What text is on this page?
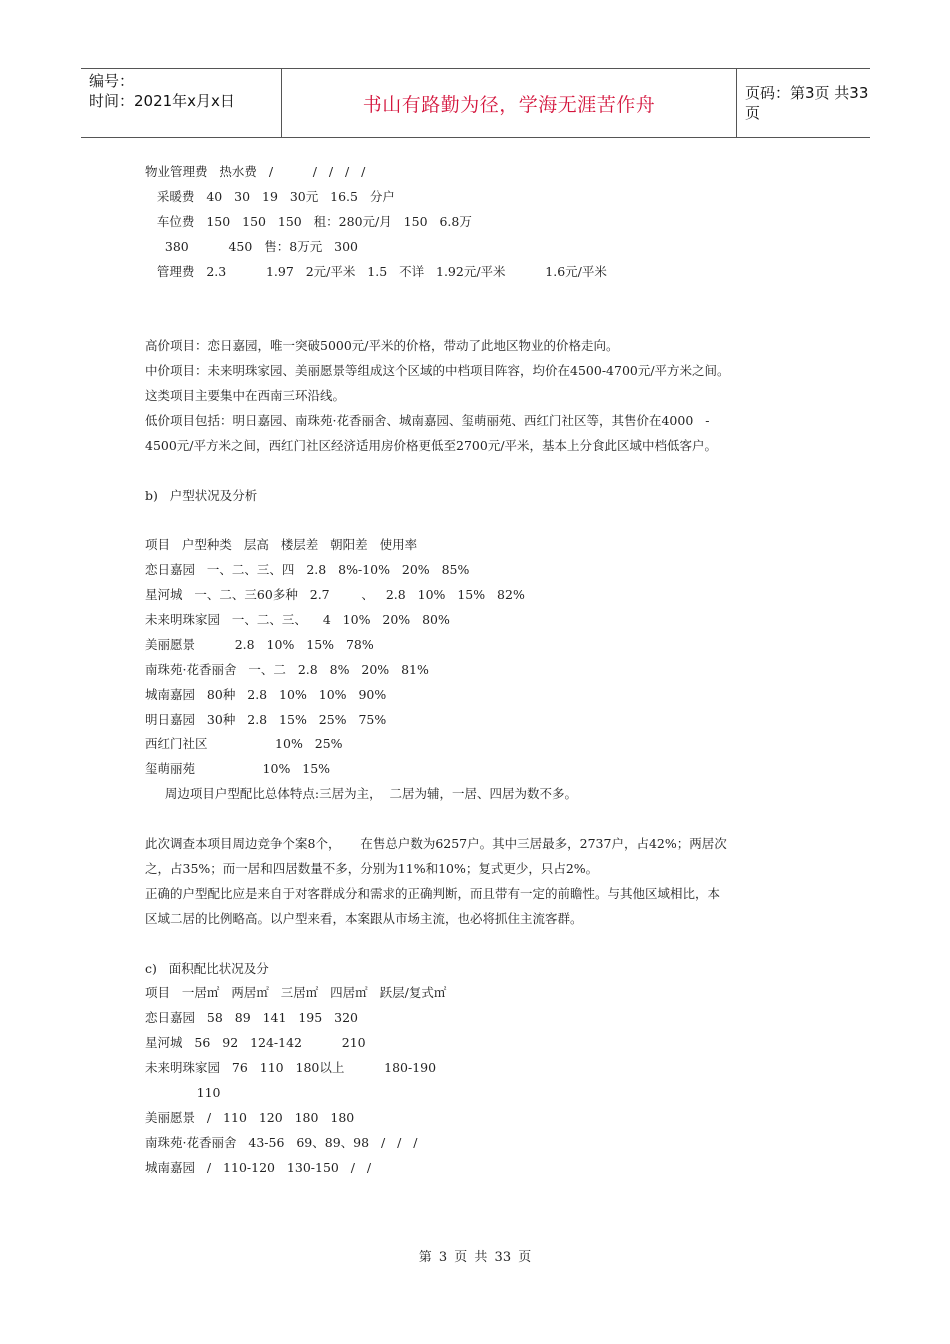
编号：
时间：2021年x月x日	书山有路勤为径，学海无涯苦作舟
页码：第3页 共33页
物业管理费   热水费   /          /   /   /   /
采暖费   40   30   19   30元   16.5   分户
车位费   150   150   150   租：280元/月   150   6.8万
380          450   售：8万元   300
管理费   2.3          1.97   2元/平米   1.5   不详   1.92元/平米          1.6元/平米
高价项目：恋日嘉园，唯一突破5000元/平米的价格，带动了此地区物业的价格走向。
中价项目：未来明珠家园、美丽愿景等组成这个区域的中档项目阵容，均价在4500-4700元/平方米之间。
这类项目主要集中在西南三环沿线。
低价项目包括：明日嘉园、南珠苑·花香丽舍、城南嘉园、玺萌丽苑、西红门社区等，其售价在4000   -
4500元/平方米之间，西红门社区经济适用房价格更低至2700元/平米，基本上分食此区域中档低客户。
b)   户型状况及分析
项目   户型种类   层高   楼层差   朝阳差   使用率
恋日嘉园   一、二、三、四   2.8   8%-10%   20%   85%
星河城   一、二、三60多种   2.7        、   2.8   10%   15%   82%
未来明珠家园   一、二、三、    4   10%   20%   80%
美丽愿景          2.8   10%   15%   78%
南珠苑·花香丽舍   一、二   2.8   8%   20%   81%
城南嘉园   80种   2.8   10%   10%   90%
明日嘉园   30种   2.8   15%   25%   75%
西红门社区                 10%   25%
玺萌丽苑                 10%   15%
周边项目户型配比总体特点:三居为主，  二居为辅，一居、四居为数不多。
此次调查本项目周边竞争个案8个，     在售总户数为6257户。其中三居最多，2737户，占42%；两居次
之，占35%；而一居和四居数量不多，分别为11%和10%；复式更少，只占2%。
正确的户型配比应是来自于对客群成分和需求的正确判断，而且带有一定的前瞻性。与其他区域相比，本
区域二居的比例略高。以户型来看，本案跟从市场主流，也必将抓住主流客群。
c)   面积配比状况及分
项目   一居㎡   两居㎡   三居㎡   四居㎡   跃层/复式㎡
恋日嘉园   58   89   141   195   320
星河城   56   92   124-142          210
未来明珠家园   76   110   180以上          180-190
110
美丽愿景   /   110   120   180   180
南珠苑·花香丽舍   43-56   69、89、98   /   /   /
城南嘉园   /   110-120   130-150   /   /
第 3 页 共 33 页
